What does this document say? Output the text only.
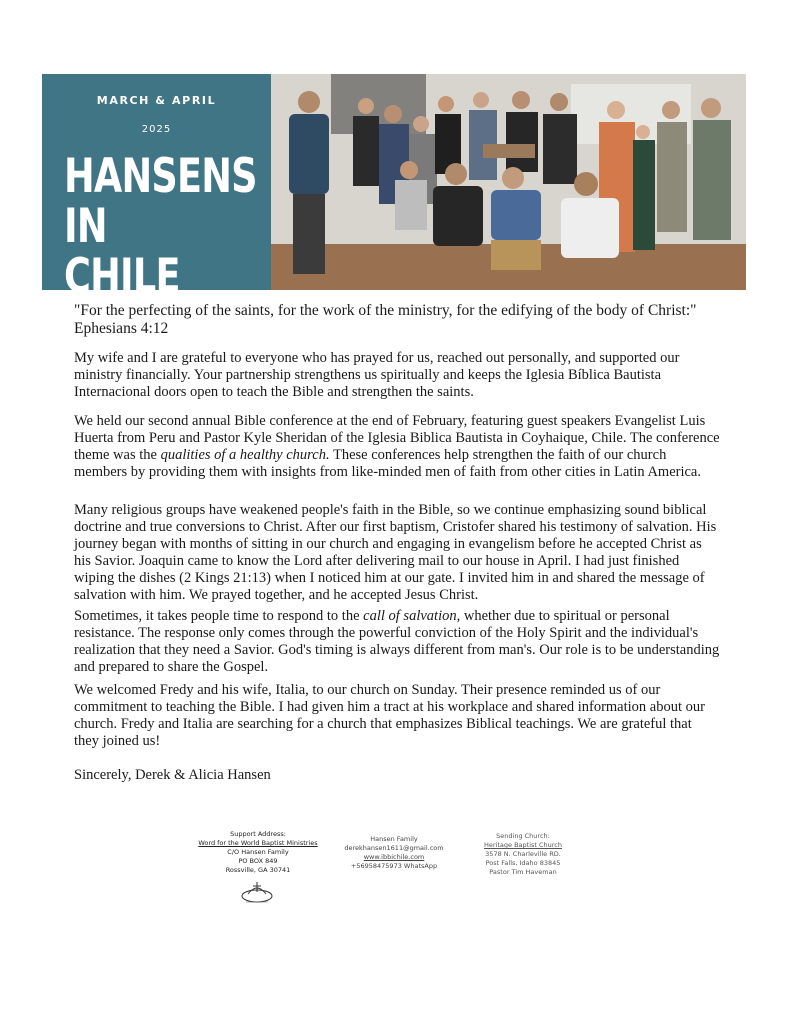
MARCH & APRIL
2025
HANSENS
IN CHILE
"For the perfecting of the saints, for the work of the ministry, for the edifying of the body of Christ:" Ephesians 4:12
My wife and I are grateful to everyone who has prayed for us, reached out personally, and supported our ministry financially. Your partnership strengthens us spiritually and keeps the Iglesia Bíblica Bautista Internacional doors open to teach the Bible and strengthen the saints.
We held our second annual Bible conference at the end of February, featuring guest speakers Evangelist Luis Huerta from Peru and Pastor Kyle Sheridan of the Iglesia Biblica Bautista in Coyhaique, Chile. The conference theme was the qualities of a healthy church. These conferences help strengthen the faith of our church members by providing them with insights from like-minded men of faith from other cities in Latin America.
Many religious groups have weakened people's faith in the Bible, so we continue emphasizing sound biblical doctrine and true conversions to Christ. After our first baptism, Cristofer shared his testimony of salvation. His journey began with months of sitting in our church and engaging in evangelism before he accepted Christ as his Savior. Joaquin came to know the Lord after delivering mail to our house in April. I had just finished wiping the dishes (2 Kings 21:13) when I noticed him at our gate. I invited him in and shared the message of salvation with him. We prayed together, and he accepted Jesus Christ.
Sometimes, it takes people time to respond to the call of salvation, whether due to spiritual or personal resistance. The response only comes through the powerful conviction of the Holy Spirit and the individual's realization that they need a Savior. God's timing is always different from man's. Our role is to be understanding and prepared to share the Gospel.
We welcomed Fredy and his wife, Italia, to our church on Sunday. Their presence reminded us of our commitment to teaching the Bible. I had given him a tract at his workplace and shared information about our church. Fredy and Italia are searching for a church that emphasizes Biblical teachings. We are grateful that they joined us!
Sincerely, Derek & Alicia Hansen
Support Address:
Word for the World Baptist Ministries
C/O Hansen Family
PO BOX 849
Rossville, GA 30741
Hansen Family
derekhansen1611@gmail.com
www.ibbichile.com
+56958475973 WhatsApp
Sending Church:
Heritage Baptist Church
3578 N. Charleville RD.
Post Falls, Idaho 83845
Pastor Tim Haveman
